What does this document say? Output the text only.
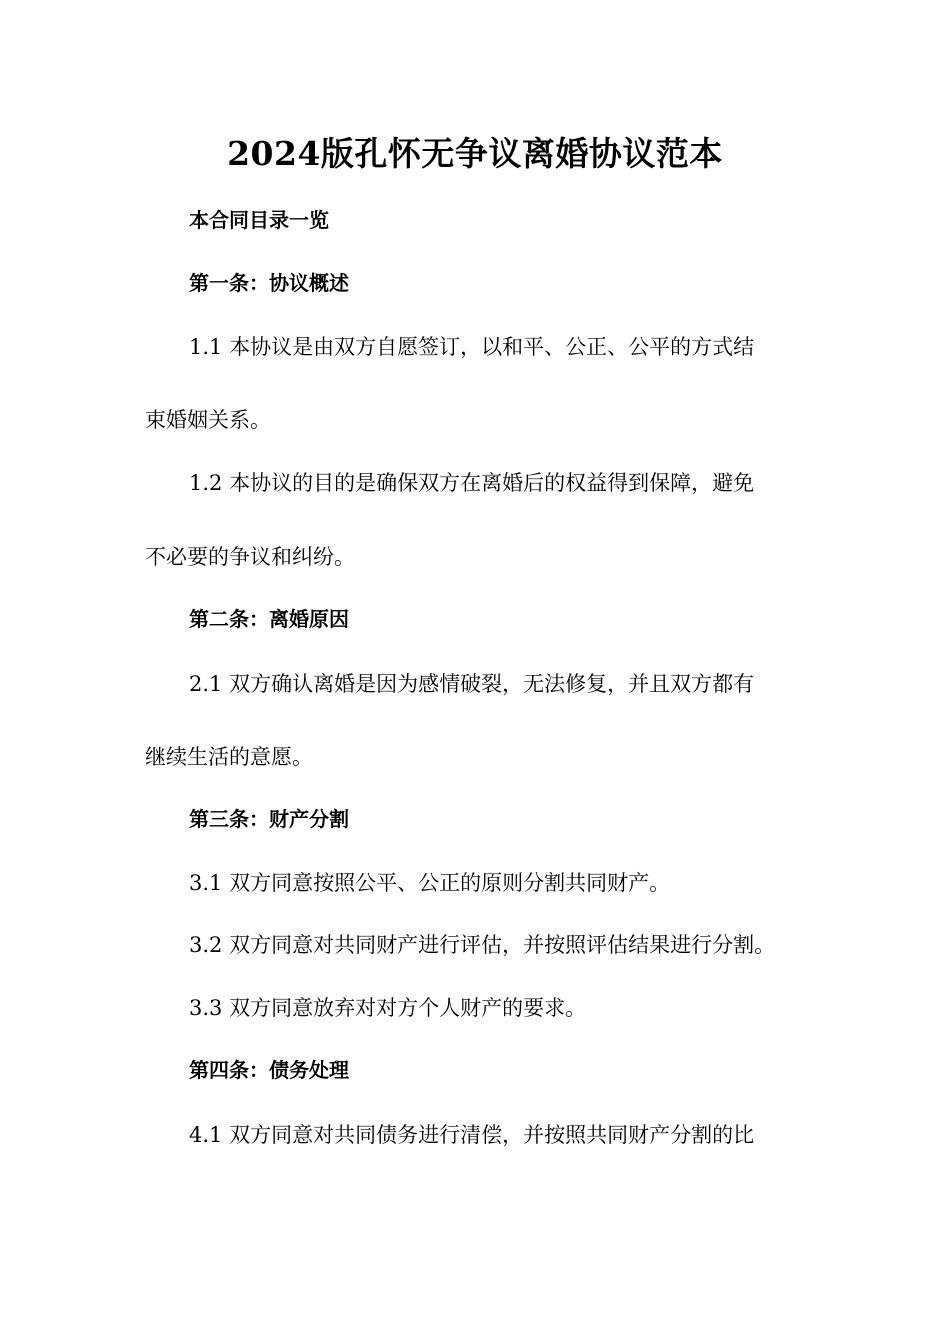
2024版孔怀无争议离婚协议范本
本合同目录一览
第一条：协议概述
1.1 本协议是由双方自愿签订，以和平、公正、公平的方式结
束婚姻关系。
1.2 本协议的目的是确保双方在离婚后的权益得到保障，避免
不必要的争议和纠纷。
第二条：离婚原因
2.1 双方确认离婚是因为感情破裂，无法修复，并且双方都有
继续生活的意愿。
第三条：财产分割
3.1 双方同意按照公平、公正的原则分割共同财产。
3.2 双方同意对共同财产进行评估，并按照评估结果进行分割。
3.3 双方同意放弃对对方个人财产的要求。
第四条：债务处理
4.1 双方同意对共同债务进行清偿，并按照共同财产分割的比
